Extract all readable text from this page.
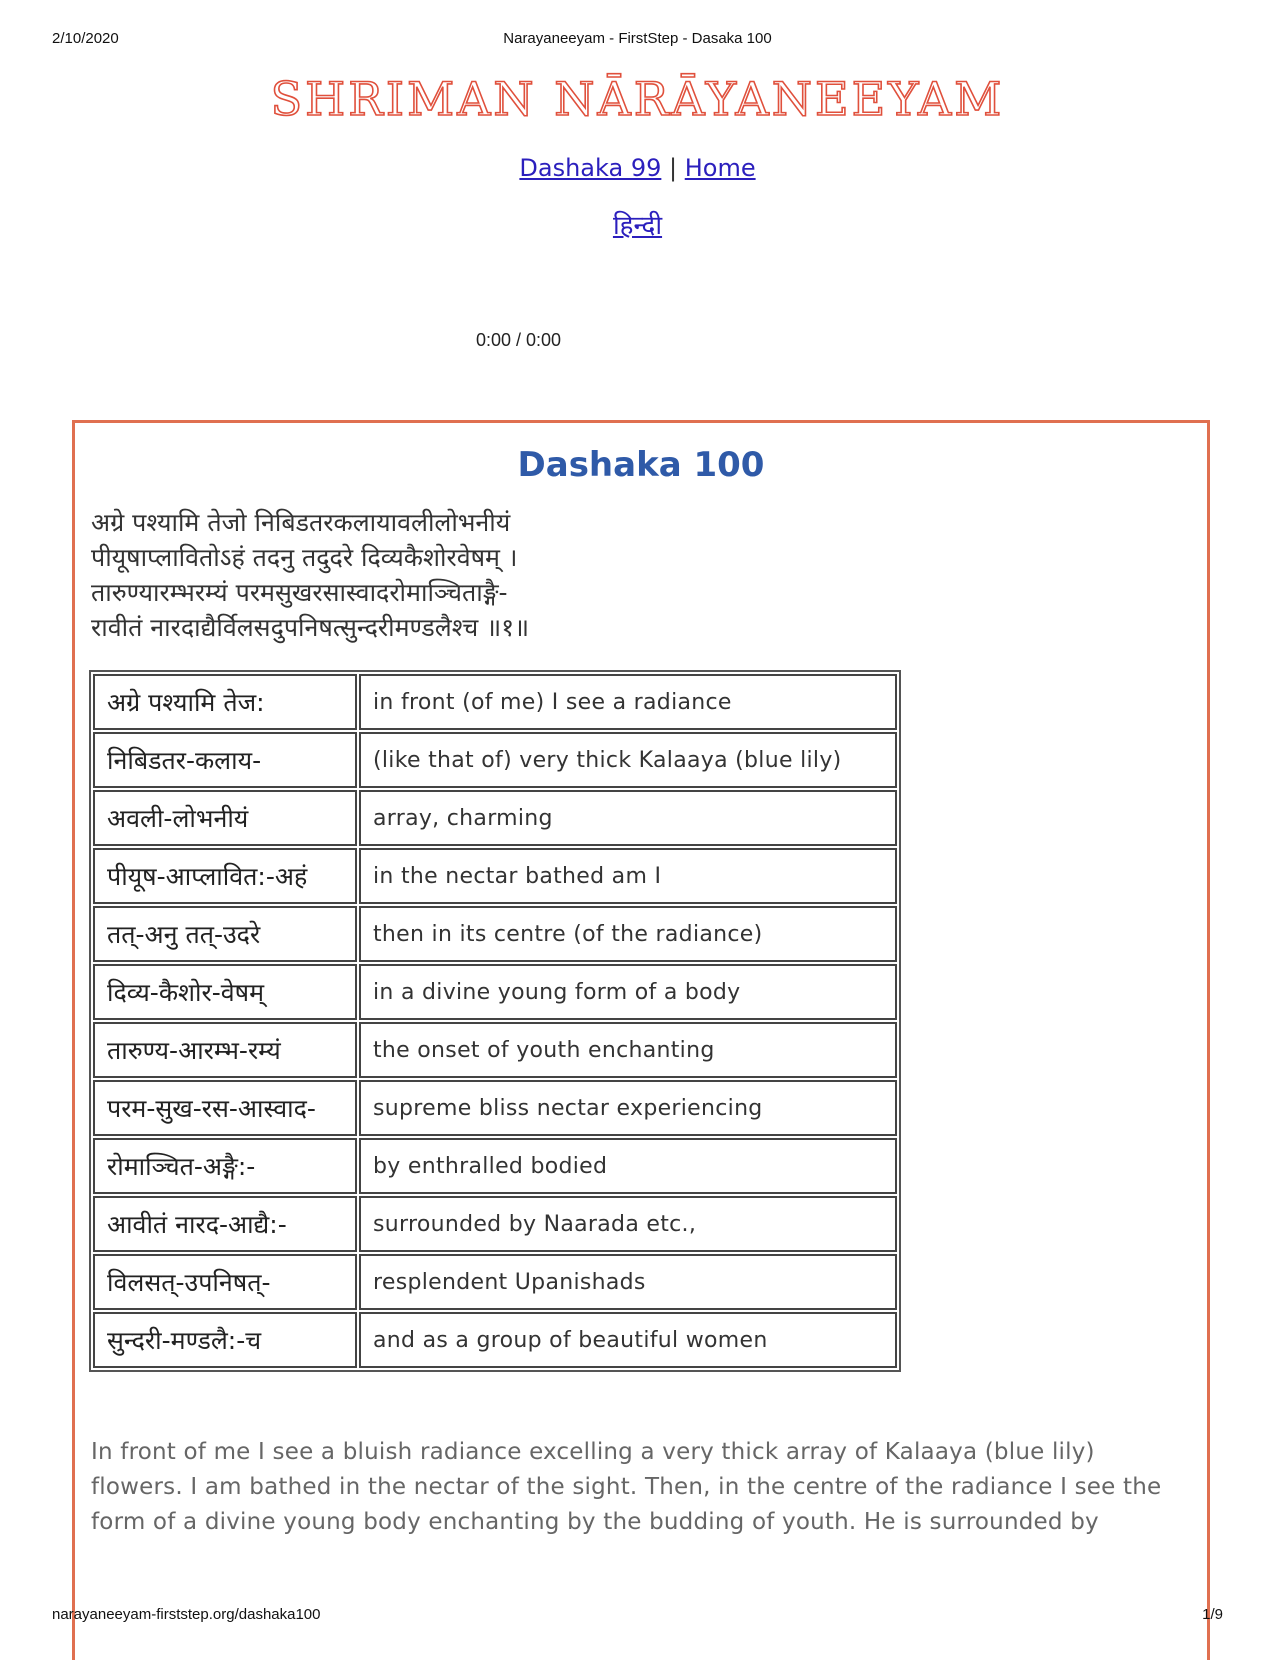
2/10/2020	Narayaneeyam - FirstStep - Dasaka 100
SHRIMAN NĀRĀYANEEYAM
Dashaka 99 | Home
हिन्दी
0:00 / 0:00
Dashaka 100
अग्रे पश्यामि तेजो निबिडतरकलायावलीलोभनीयं
पीयूषाप्लावितोऽहं तदनु तदुदरे दिव्यकैशोरवेषम् ।
तारुण्यारम्भरम्यं परमसुखरसास्वादरोमाञ्चिताङ्गै-
रावीतं नारदाद्यैर्विलसदुपनिषत्सुन्दरीमण्डलैश्च ॥१॥
अग्रे पश्यामि तेज:	in front (of me) I see a radiance
निबिडतर-कलाय-	(like that of) very thick Kalaaya (blue lily)
अवली-लोभनीयं	array, charming
पीयूष-आप्लावित:-अहं	in the nectar bathed am I
तत्-अनु तत्-उदरे	then in its centre (of the radiance)
दिव्य-कैशोर-वेषम्	in a divine young form of a body
तारुण्य-आरम्भ-रम्यं	the onset of youth enchanting
परम-सुख-रस-आस्वाद-	supreme bliss nectar experiencing
रोमाञ्चित-अङ्गै:-	by enthralled bodied
आवीतं नारद-आद्यै:-	surrounded by Naarada etc.,
विलसत्-उपनिषत्-	resplendent Upanishads
सुन्दरी-मण्डलै:-च	and as a group of beautiful women
In front of me I see a bluish radiance excelling a very thick array of Kalaaya (blue lily) flowers. I am bathed in the nectar of the sight. Then, in the centre of the radiance I see the form of a divine young body enchanting by the budding of youth. He is surrounded by
narayaneeyam-firststep.org/dashaka100	1/9
